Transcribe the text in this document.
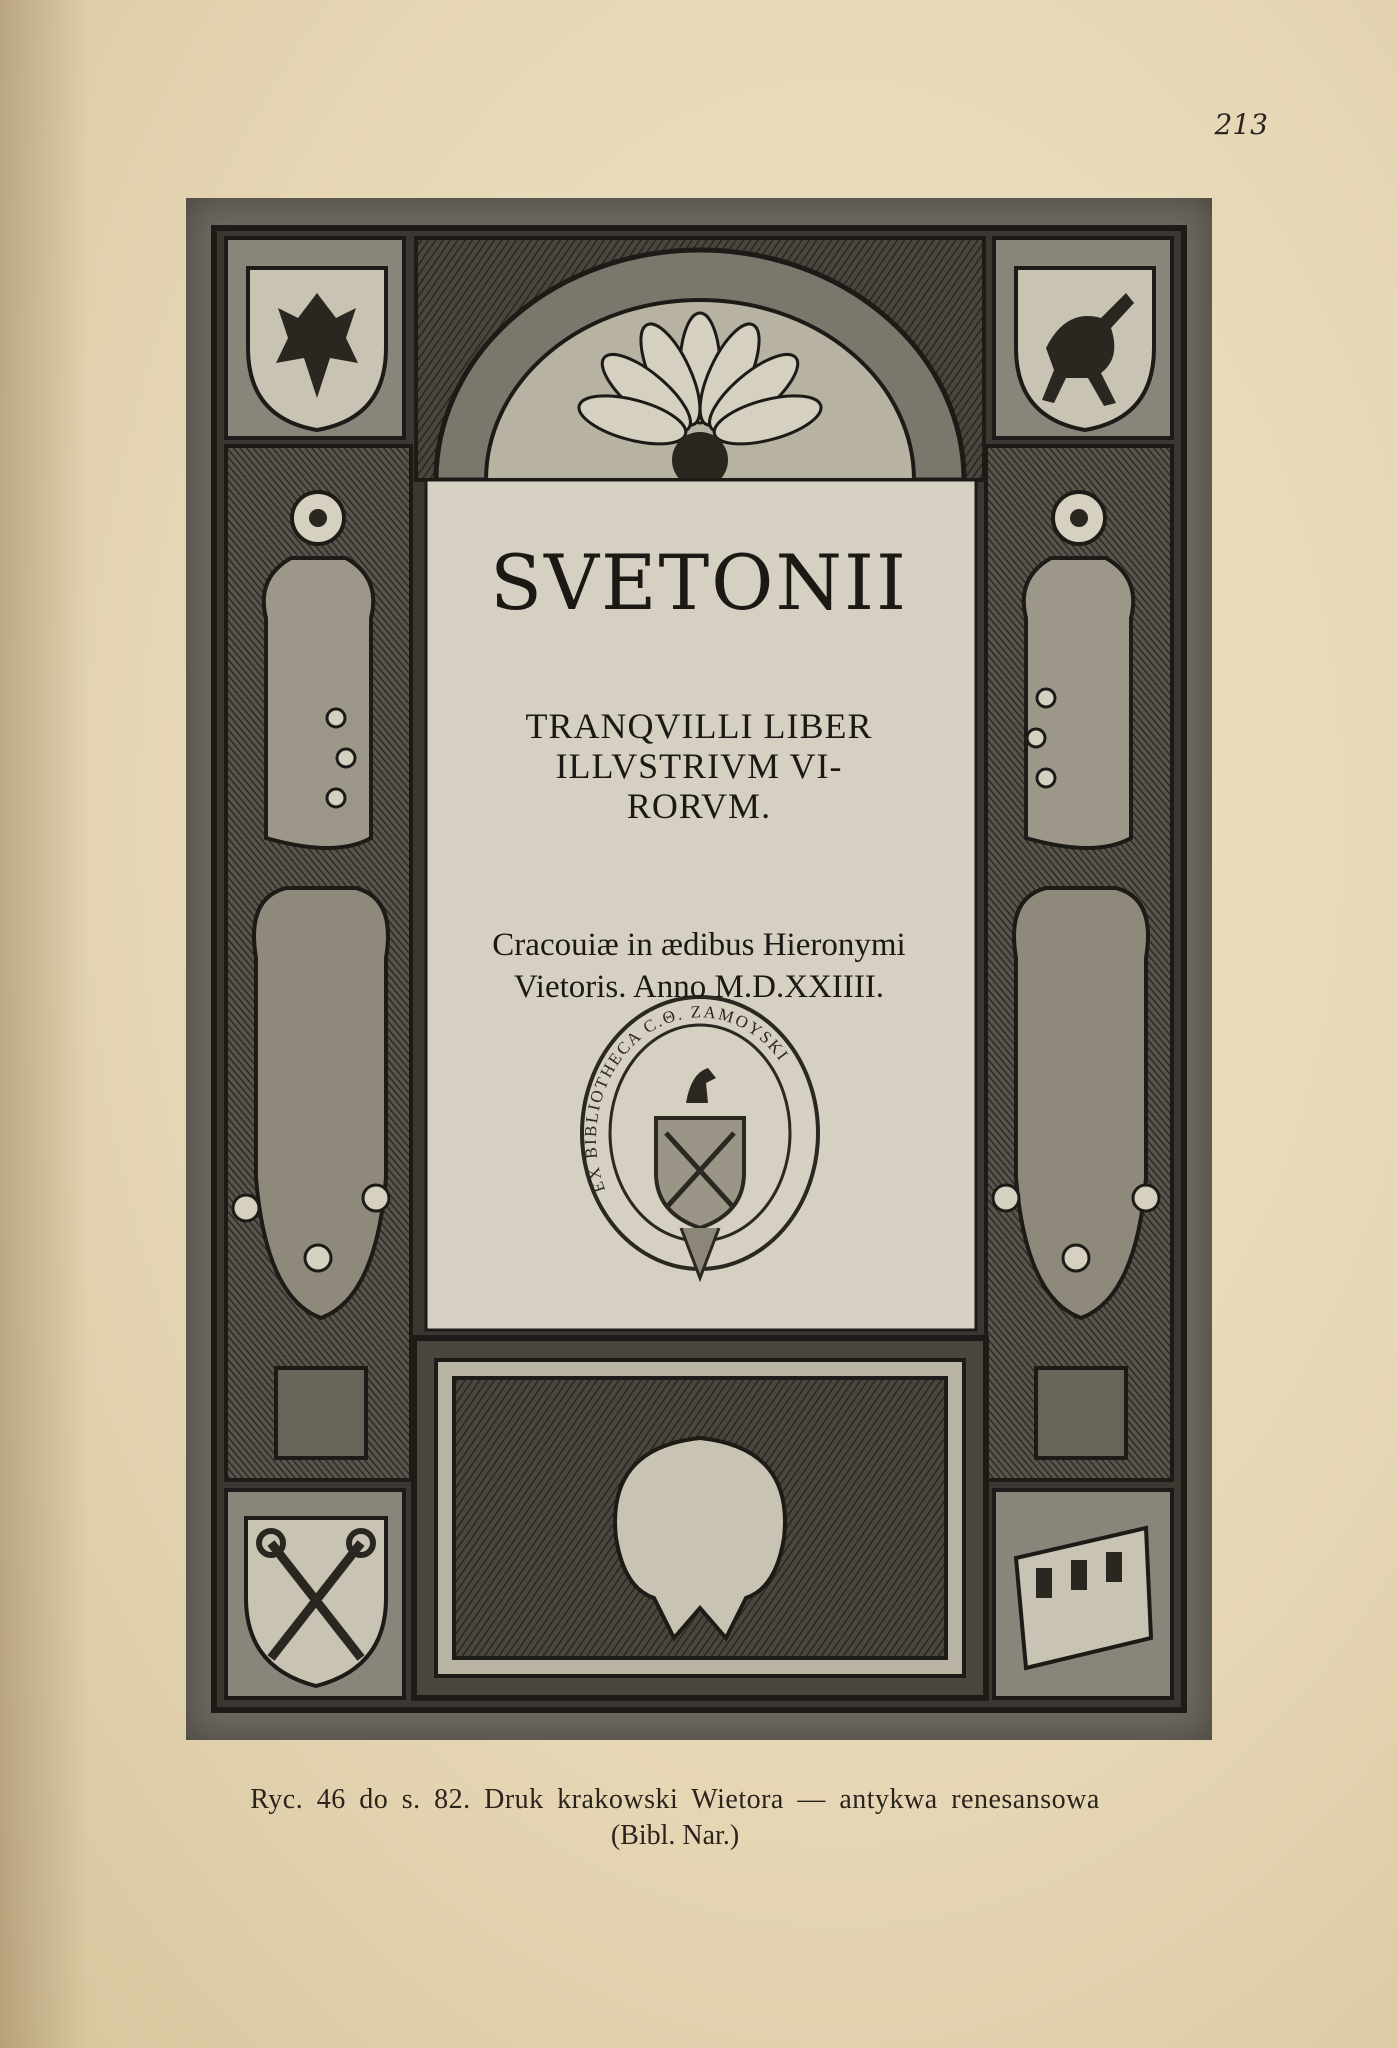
213
EX BIBLIOTHECA C.Θ. ZAMOYSKI
SVETONII
TRANQVILLI LIBER
ILLVSTRIVM VI-
RORVM.
Cracouiæ in ædibus Hieronymi
Vietoris. Anno M.D.XXIIII.
Ryc. 46 do s. 82. Druk krakowski Wietora — antykwa renesansowa
(Bibl. Nar.)
